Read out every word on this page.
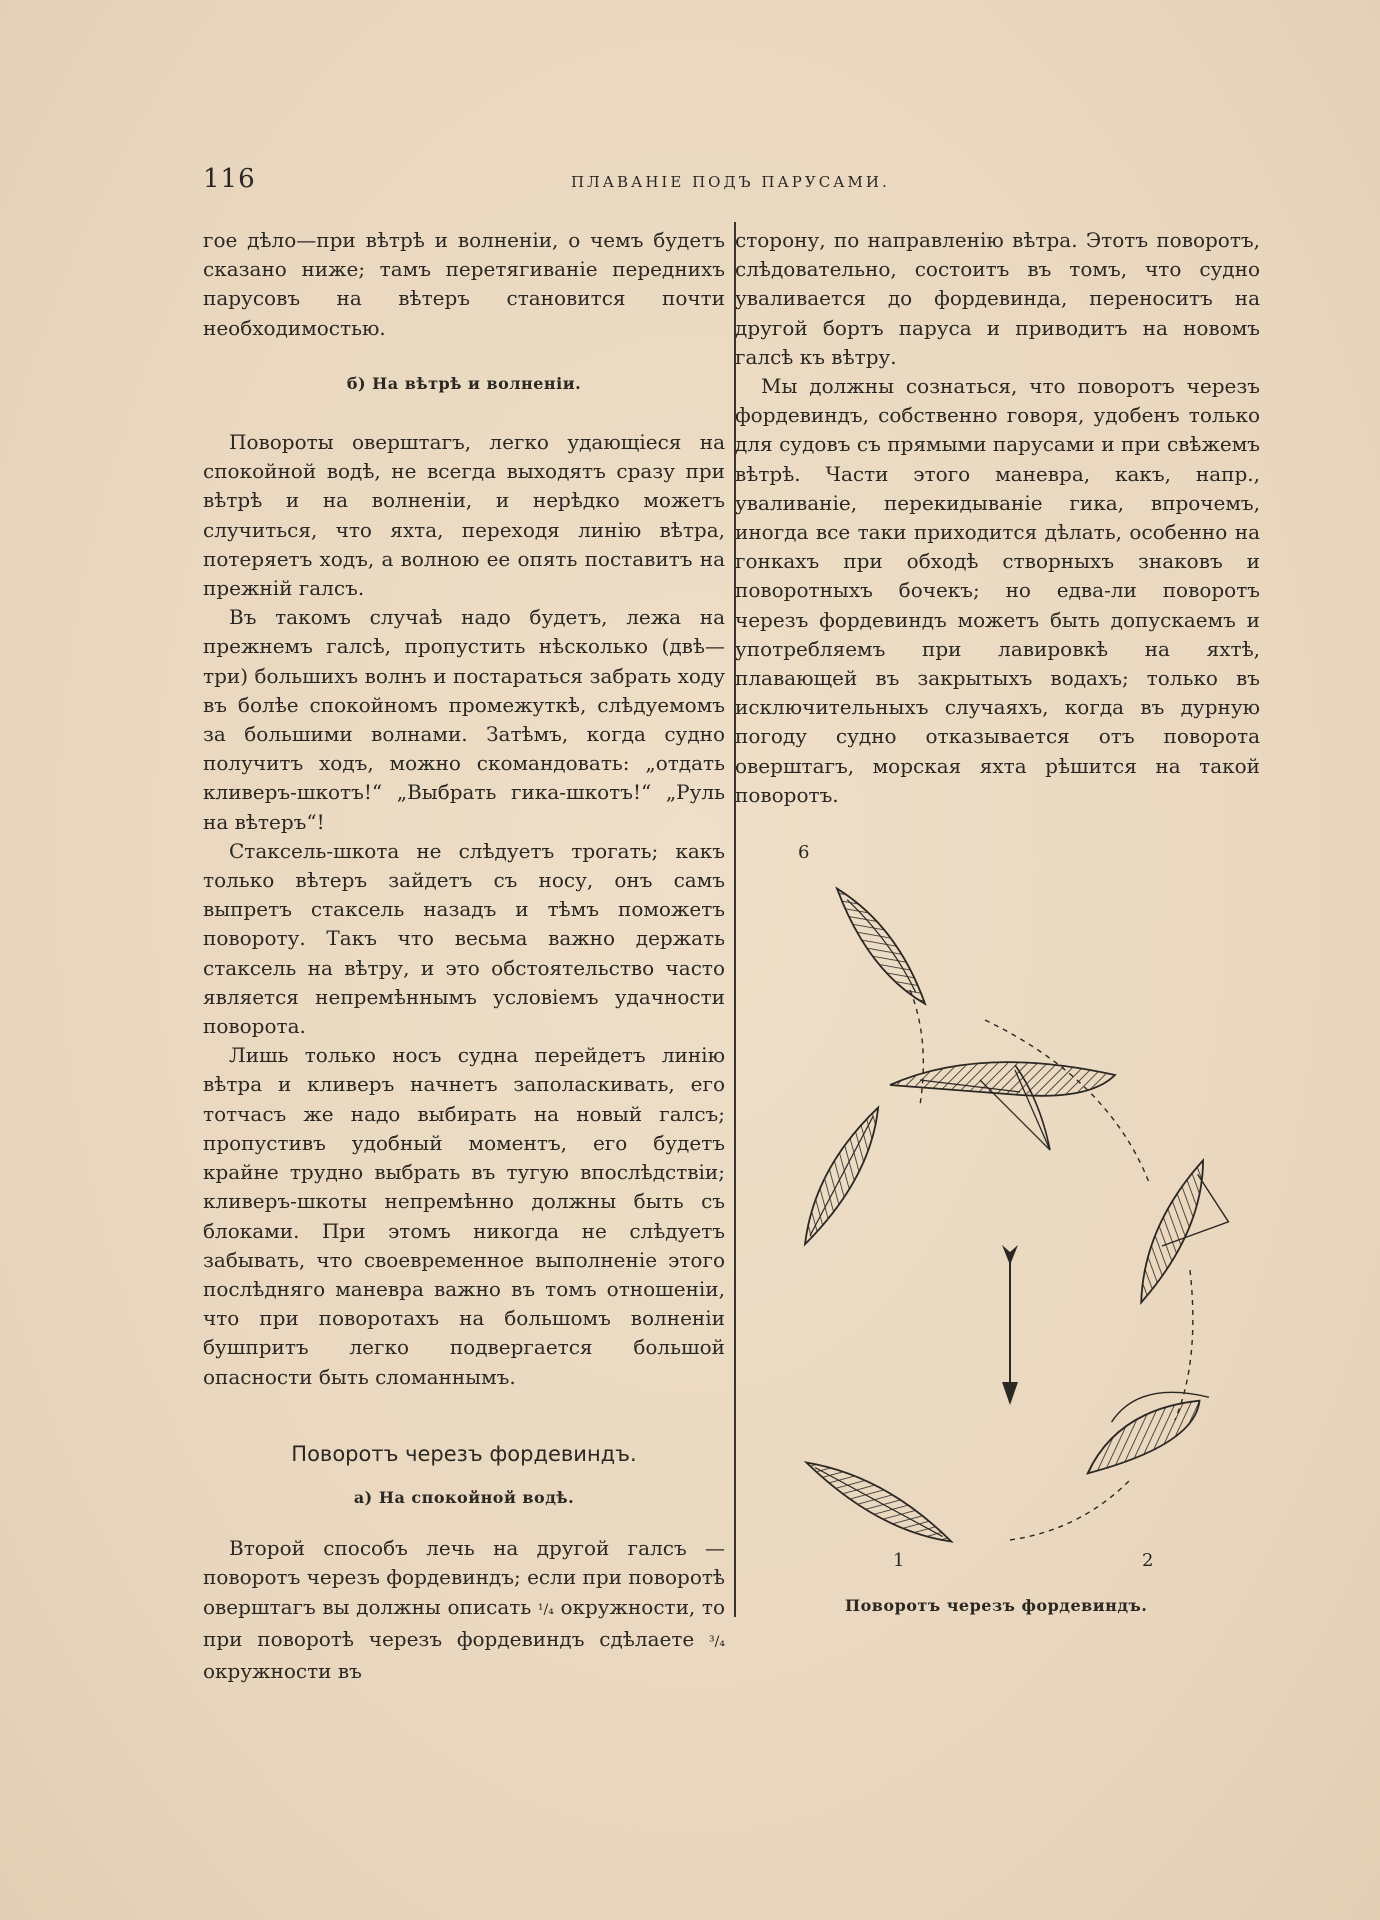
116	ПЛАВАНІЕ ПОДЪ ПАРУСАМИ.

гое дѣло—при вѣтрѣ и волненіи, о чемъ будетъ сказано ниже; тамъ перетягиваніе переднихъ парусовъ на вѣтеръ становится почти необходимостью.

б) На вѣтрѣ и волненіи.

Повороты оверштагъ, легко удающіеся на спокойной водѣ, не всегда выходятъ сразу при вѣтрѣ и на волненіи, и нерѣдко можетъ случиться, что яхта, переходя линію вѣтра, потеряетъ ходъ, а волною ее опять поставитъ на прежній галсъ.

Въ такомъ случаѣ надо будетъ, лежа на прежнемъ галсѣ, пропустить нѣсколько (двѣ—три) большихъ волнъ и постараться забрать ходу въ болѣе спокойномъ промежуткѣ, слѣдуемомъ за большими волнами. Затѣмъ, когда судно получитъ ходъ, можно скомандовать: „отдать кливеръ-шкотъ!“ „Выбрать гика-шкотъ!“ „Руль на вѣтеръ“!

Стаксель-шкота не слѣдуетъ трогать; какъ только вѣтеръ зайдетъ съ носу, онъ самъ выпретъ стаксель назадъ и тѣмъ поможетъ повороту. Такъ что весьма важно держать стаксель на вѣтру, и это обстоятельство часто является непремѣннымъ условіемъ удачности поворота.

Лишь только носъ судна перейдетъ линію вѣтра и кливеръ начнетъ заполаскивать, его тотчасъ же надо выбирать на новый галсъ; пропустивъ удобный моментъ, его будетъ крайне трудно выбрать въ тугую впослѣдствіи; кливеръ-шкоты непремѣнно должны быть съ блоками. При этомъ никогда не слѣдуетъ забывать, что своевременное выполненіе этого послѣдняго маневра важно въ томъ отношеніи, что при поворотахъ на большомъ волненіи бушпритъ легко подвергается большой опасности быть сломаннымъ.

Поворотъ черезъ фордевиндъ.
а) На спокойной водѣ.

Второй способъ лечь на другой галсъ —поворотъ черезъ фордевиндъ; если при поворотѣ оверштагъ вы должны описать ¹/₄ окружности, то при поворотѣ черезъ фордевиндъ сдѣлаете ³/₄ окружности въ

сторону, по направленію вѣтра. Этотъ поворотъ, слѣдовательно, состоитъ въ томъ, что судно уваливается до фордевинда, переноситъ на другой бортъ паруса и приводитъ на новомъ галсѣ къ вѣтру.

Мы должны сознаться, что поворотъ черезъ фордевиндъ, собственно говоря, удобенъ только для судовъ съ прямыми парусами и при свѣжемъ вѣтрѣ. Части этого маневра, какъ, напр., уваливаніе, перекидываніе гика, впрочемъ, иногда все таки приходится дѣлать, особенно на гонкахъ при обходѣ створныхъ знаковъ и поворотныхъ бочекъ; но едва-ли поворотъ черезъ фордевиндъ можетъ быть допускаемъ и употребляемъ при лавировкѣ на яхтѣ, плавающей въ закрытыхъ водахъ; только въ исключительныхъ случаяхъ, когда въ дурную погоду судно отказывается отъ поворота оверштагъ, морская яхта рѣшится на такой поворотъ.

6
1	2
Поворотъ черезъ фордевиндъ.
